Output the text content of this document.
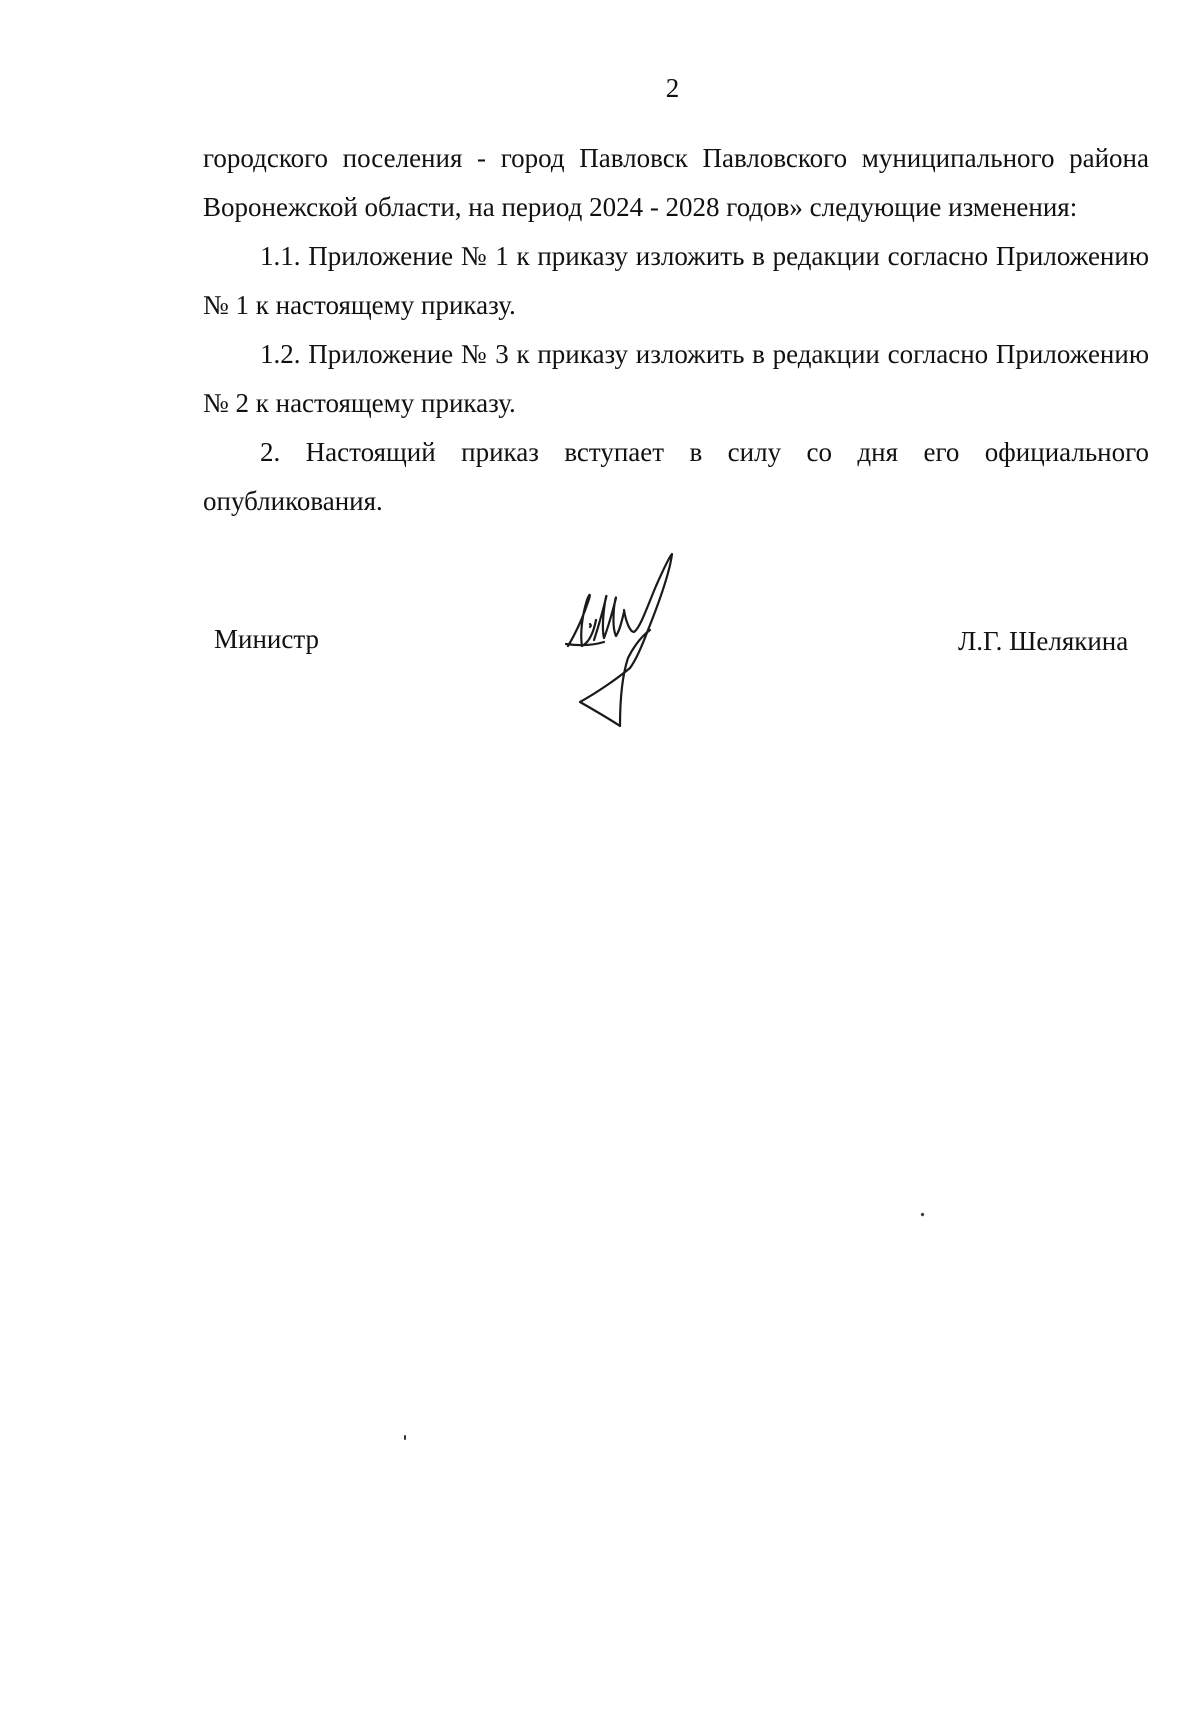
2

городского поселения - город Павловск Павловского муниципального района Воронежской области, на период 2024 - 2028 годов» следующие изменения:

1.1. Приложение № 1 к приказу изложить в редакции согласно Приложению № 1 к настоящему приказу.

1.2. Приложение № 3 к приказу изложить в редакции согласно Приложению № 2 к настоящему приказу.

2. Настоящий приказ вступает в силу со дня его официального опубликования.

Министр	Л.Г. Шелякина
